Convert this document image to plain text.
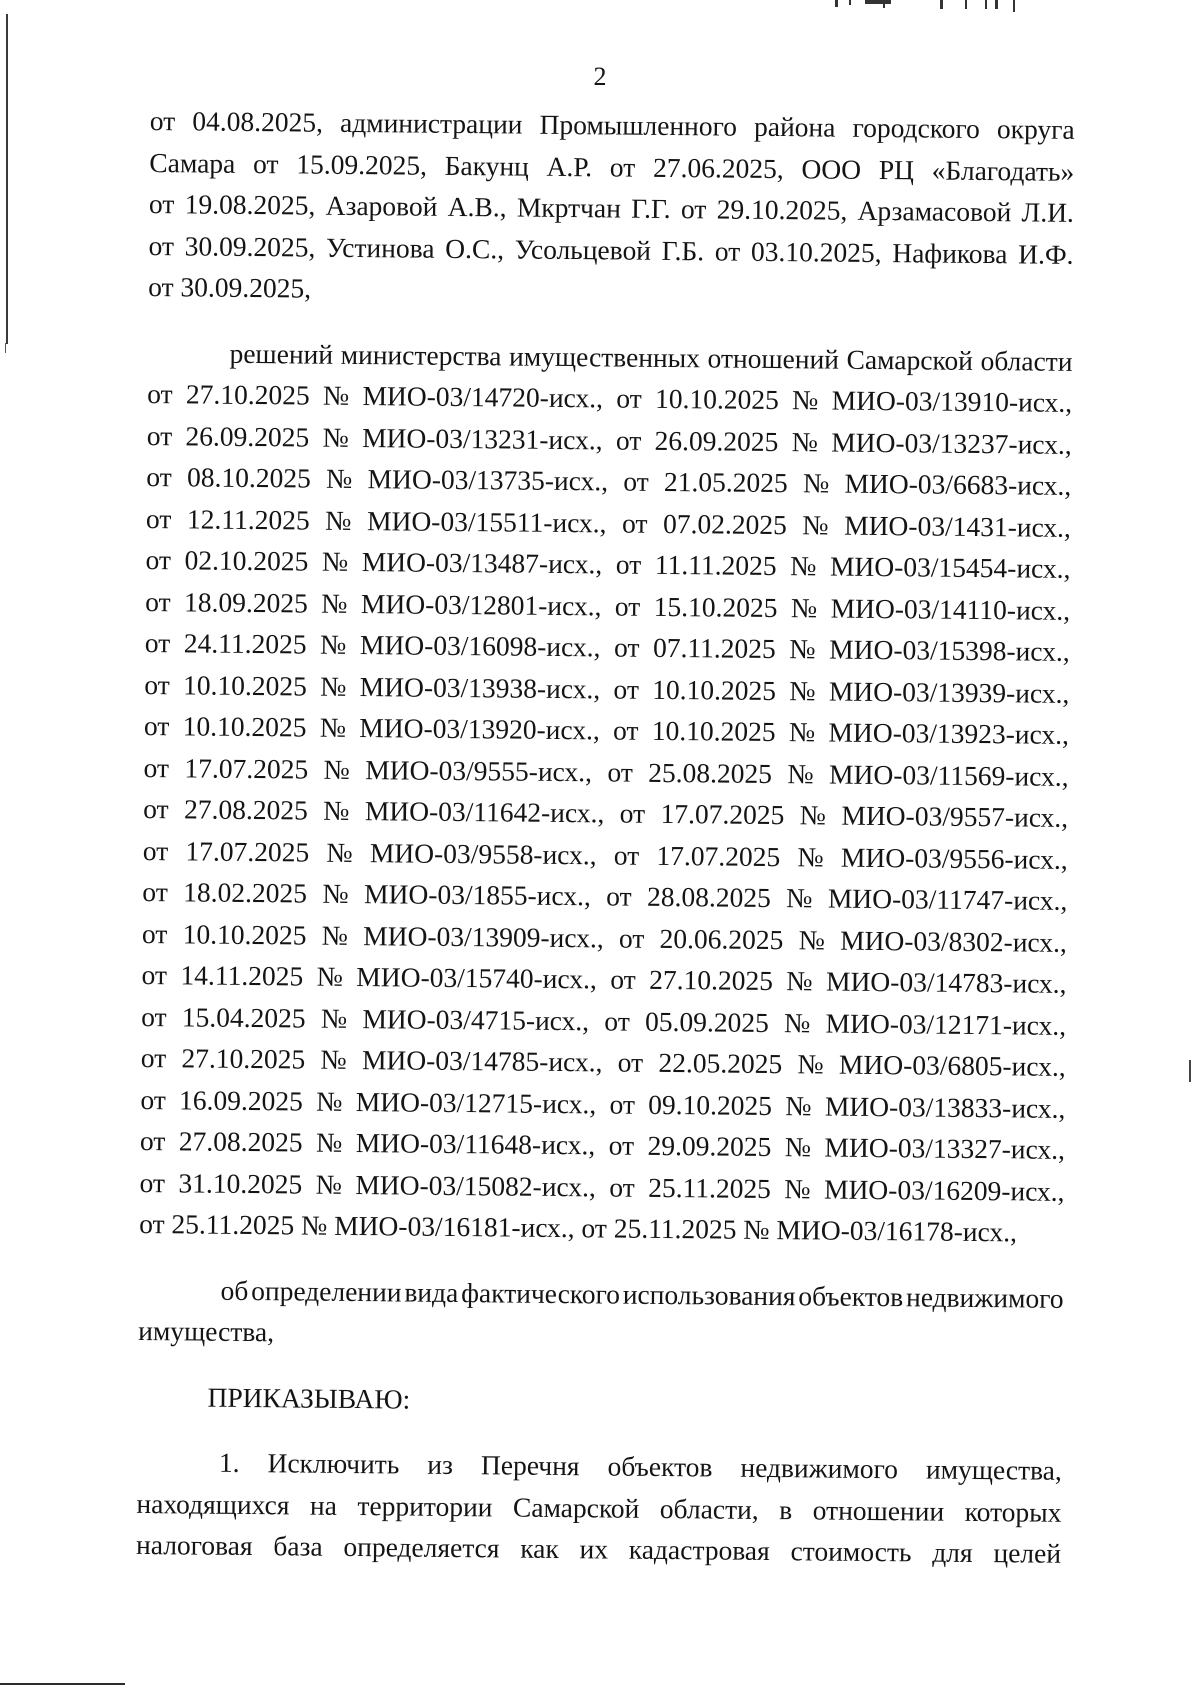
2
от 04.08.2025, администрации Промышленного района городского округа
Самара от 15.09.2025, Бакунц А.Р. от 27.06.2025, ООО РЦ «Благодать»
от 19.08.2025, Азаровой А.В., Мкртчан Г.Г. от 29.10.2025, Арзамасовой Л.И.
от 30.09.2025, Устинова О.С., Усольцевой Г.Б. от 03.10.2025, Нафикова И.Ф.
от 30.09.2025,
решений министерства имущественных отношений Самарской области
от 27.10.2025 № МИО-03/14720-исх., от 10.10.2025 № МИО-03/13910-исх.,
от 26.09.2025 № МИО-03/13231-исх., от 26.09.2025 № МИО-03/13237-исх.,
от 08.10.2025 № МИО-03/13735-исх., от 21.05.2025 № МИО-03/6683-исх.,
от 12.11.2025 № МИО-03/15511-исх., от 07.02.2025 № МИО-03/1431-исх.,
от 02.10.2025 № МИО-03/13487-исх., от 11.11.2025 № МИО-03/15454-исх.,
от 18.09.2025 № МИО-03/12801-исх., от 15.10.2025 № МИО-03/14110-исх.,
от 24.11.2025 № МИО-03/16098-исх., от 07.11.2025 № МИО-03/15398-исх.,
от 10.10.2025 № МИО-03/13938-исх., от 10.10.2025 № МИО-03/13939-исх.,
от 10.10.2025 № МИО-03/13920-исх., от 10.10.2025 № МИО-03/13923-исх.,
от 17.07.2025 № МИО-03/9555-исх., от 25.08.2025 № МИО-03/11569-исх.,
от 27.08.2025 № МИО-03/11642-исх., от 17.07.2025 № МИО-03/9557-исх.,
от 17.07.2025 № МИО-03/9558-исх., от 17.07.2025 № МИО-03/9556-исх.,
от 18.02.2025 № МИО-03/1855-исх., от 28.08.2025 № МИО-03/11747-исх.,
от 10.10.2025 № МИО-03/13909-исх., от 20.06.2025 № МИО-03/8302-исх.,
от 14.11.2025 № МИО-03/15740-исх., от 27.10.2025 № МИО-03/14783-исх.,
от 15.04.2025 № МИО-03/4715-исх., от 05.09.2025 № МИО-03/12171-исх.,
от 27.10.2025 № МИО-03/14785-исх., от 22.05.2025 № МИО-03/6805-исх.,
от 16.09.2025 № МИО-03/12715-исх., от 09.10.2025 № МИО-03/13833-исх.,
от 27.08.2025 № МИО-03/11648-исх., от 29.09.2025 № МИО-03/13327-исх.,
от 31.10.2025 № МИО-03/15082-исх., от 25.11.2025 № МИО-03/16209-исх.,
от 25.11.2025 № МИО-03/16181-исх., от 25.11.2025 № МИО-03/16178-исх.,
об определении вида фактического использования объектов недвижимого
имущества,
ПРИКАЗЫВАЮ:
1. Исключить из Перечня объектов недвижимого имущества,
находящихся на территории Самарской области, в отношении которых
налоговая база определяется как их кадастровая стоимость для целей
